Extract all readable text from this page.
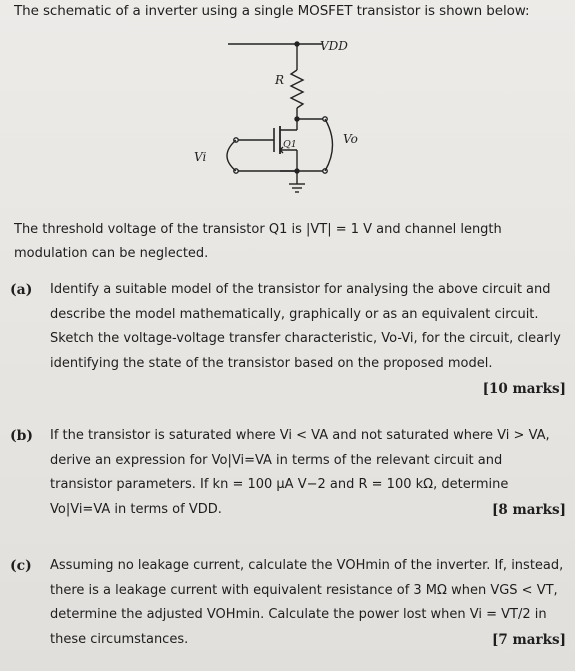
The schematic of a inverter using a single MOSFET transistor is shown below:
VDD
R
Q1	Vo
Vi
The threshold voltage of the transistor Q1 is |VT| = 1 V and channel length modulation can be neglected.
(a) Identify a suitable model of the transistor for analysing the above circuit and describe the model mathematically, graphically or as an equivalent circuit. Sketch the voltage-voltage transfer characteristic, Vo-Vi, for the circuit, clearly identifying the state of the transistor based on the proposed model.
[10 marks]
(b) If the transistor is saturated where Vi < VA and not saturated where Vi > VA, derive an expression for Vo|Vi=VA in terms of the relevant circuit and transistor parameters. If kn = 100 µA V−2 and R = 100 kΩ, determine Vo|Vi=VA in terms of VDD.	[8 marks]
(c) Assuming no leakage current, calculate the VOHmin of the inverter. If, instead, there is a leakage current with equivalent resistance of 3 MΩ when VGS < VT, determine the adjusted VOHmin. Calculate the power lost when Vi = VT/2 in these circumstances.	[7 marks]
